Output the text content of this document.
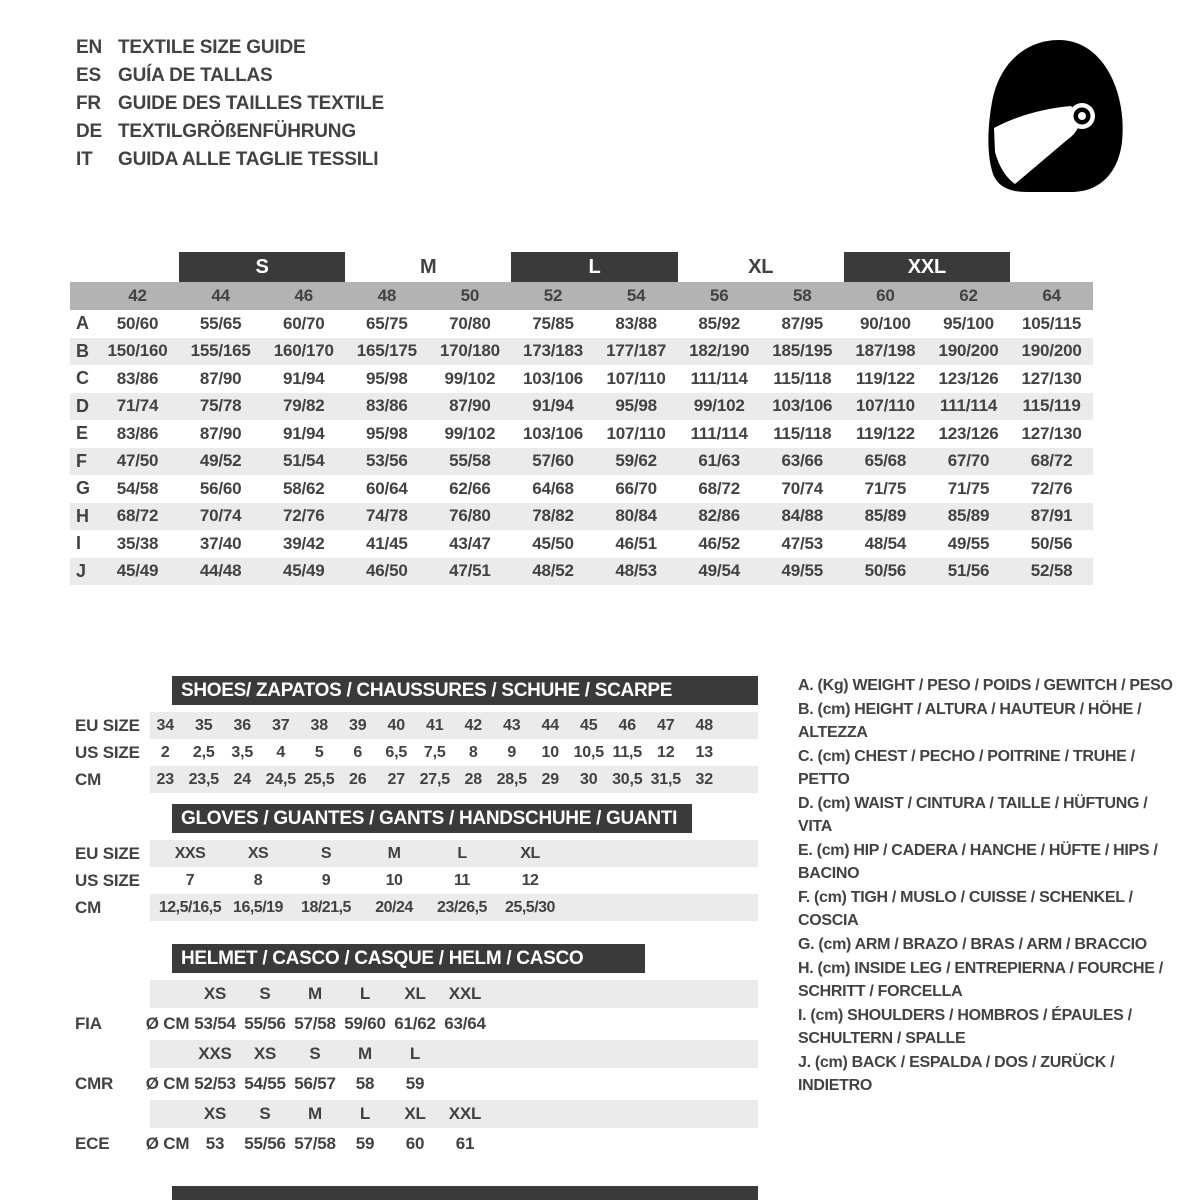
EN TEXTILE SIZE GUIDE
ES GUÍA DE TALLAS
FR GUIDE DES TAILLES TEXTILE
DE TEXTILGRÖßENFÜHRUNG
IT	GUIDA ALLE TAGLIE TESSILI
S	M	L	XL	XXL
42	44	46	48	50	52	54	56	58	60	62	64
A	50/60	55/65	60/70	65/75	70/80	75/85	83/88	85/92	87/95	90/100	95/100	105/115
B	150/160	155/165	160/170	165/175	170/180	173/183	177/187	182/190	185/195	187/198	190/200	190/200
C	83/86	87/90	91/94	95/98	99/102	103/106	107/110	111/114	115/118	119/122	123/126	127/130
D	71/74	75/78	79/82	83/86	87/90	91/94	95/98	99/102	103/106	107/110	111/114	115/119
E	83/86	87/90	91/94	95/98	99/102	103/106	107/110	111/114	115/118	119/122	123/126	127/130
F	47/50	49/52	51/54	53/56	55/58	57/60	59/62	61/63	63/66	65/68	67/70	68/72
G	54/58	56/60	58/62	60/64	62/66	64/68	66/70	68/72	70/74	71/75	71/75	72/76
H	68/72	70/74	72/76	74/78	76/80	78/82	80/84	82/86	84/88	85/89	85/89	87/91
I	35/38	37/40	39/42	41/45	43/47	45/50	46/51	46/52	47/53	48/54	49/55	50/56
J	45/49	44/48	45/49	46/50	47/51	48/52	48/53	49/54	49/55	50/56	51/56	52/58
SHOES/ ZAPATOS / CHAUSSURES / SCHUHE / SCARPE
EU SIZE	34	35	36	37	38	39	40	41	42	43	44	45	46	47	48
US SIZE	2	2,5	3,5	4	5	6	6,5	7,5	8	9	10 10,5 11,5 12	13
CM	23 23,5 24 24,5 25,5 26	27 27,5 28 28,5 29	30 30,5 31,5 32
GLOVES / GUANTES / GANTS / HANDSCHUHE / GUANTI
EU SIZE	XXS	XS	S	M	L	XL
US SIZE	7	8	9	10	11	12
CM	12,5/16,5 16,5/19	18/21,5	20/24	23/26,5	25,5/30
HELMET / CASCO / CASQUE / HELM / CASCO
XS	S	M	L	XL	XXL
FIA	Ø CM 53/54 55/56 57/58 59/60 61/62 63/64
XXS	XS	S	M	L
CMR Ø CM 52/53 54/55 56/57	58	59
XS	S	M	L	XL	XXL
ECE Ø CM 53	55/56 57/58	59	60	61
A. (Kg) WEIGHT / PESO / POIDS / GEWITCH / PESO
B. (cm) HEIGHT / ALTURA / HAUTEUR / HÖHE / ALTEZZA
C. (cm) CHEST / PECHO / POITRINE / TRUHE / PETTO
D. (cm) WAIST / CINTURA / TAILLE / HÜFTUNG / VITA
E. (cm) HIP / CADERA / HANCHE / HÜFTE / HIPS / BACINO
F. (cm) TIGH / MUSLO / CUISSE / SCHENKEL / COSCIA
G. (cm) ARM / BRAZO / BRAS / ARM / BRACCIO
H. (cm) INSIDE LEG / ENTREPIERNA / FOURCHE / SCHRITT / FORCELLA
I. (cm) SHOULDERS / HOMBROS / ÉPAULES / SCHULTERN / SPALLE
J. (cm) BACK / ESPALDA / DOS / ZURÜCK / INDIETRO
